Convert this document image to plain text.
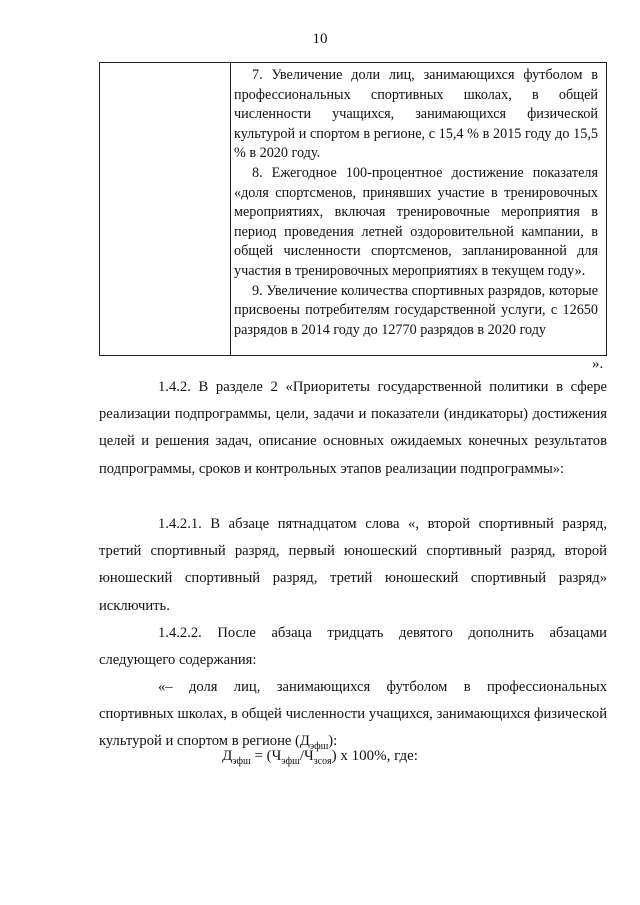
10

7. Увеличение доли лиц, занимающихся футболом в профессиональных спортивных школах, в общей численности учащихся, занимающихся физической культурой и спортом в регионе, с 15,4 % в 2015 году до 15,5 % в 2020 году.

8. Ежегодное 100-процентное достижение показателя «доля спортсменов, принявших участие в тренировочных мероприятиях, включая тренировочные мероприятия в период проведения летней оздоровительной кампании, в общей численности спортсменов, запланированной для участия в тренировочных мероприятиях в текущем году».

9. Увеличение количества спортивных разрядов, которые присвоены потребителям государственной услуги, с 12650 разрядов в 2014 году до 12770 разрядов в 2020 году

».

1.4.2. В разделе 2 «Приоритеты государственной политики в сфере реализации подпрограммы, цели, задачи и показатели (индикаторы) достижения целей и решения задач, описание основных ожидаемых конечных результатов подпрограммы, сроков и контрольных этапов реализации подпрограммы»:

1.4.2.1. В абзаце пятнадцатом слова «, второй спортивный разряд, третий спортивный разряд, первый юношеский спортивный разряд, второй юношеский спортивный разряд, третий юношеский спортивный разряд» исключить.

1.4.2.2. После абзаца тридцать девятого дополнить абзацами следующего содержания:

«– доля лиц, занимающихся футболом в профессиональных спортивных школах, в общей численности учащихся, занимающихся физической культурой и спортом в регионе $(Д_{эфш})$:

$Д_{эфш} = (Ч_{эфш}/Ч_{зсоя})$ х 100%, где:
